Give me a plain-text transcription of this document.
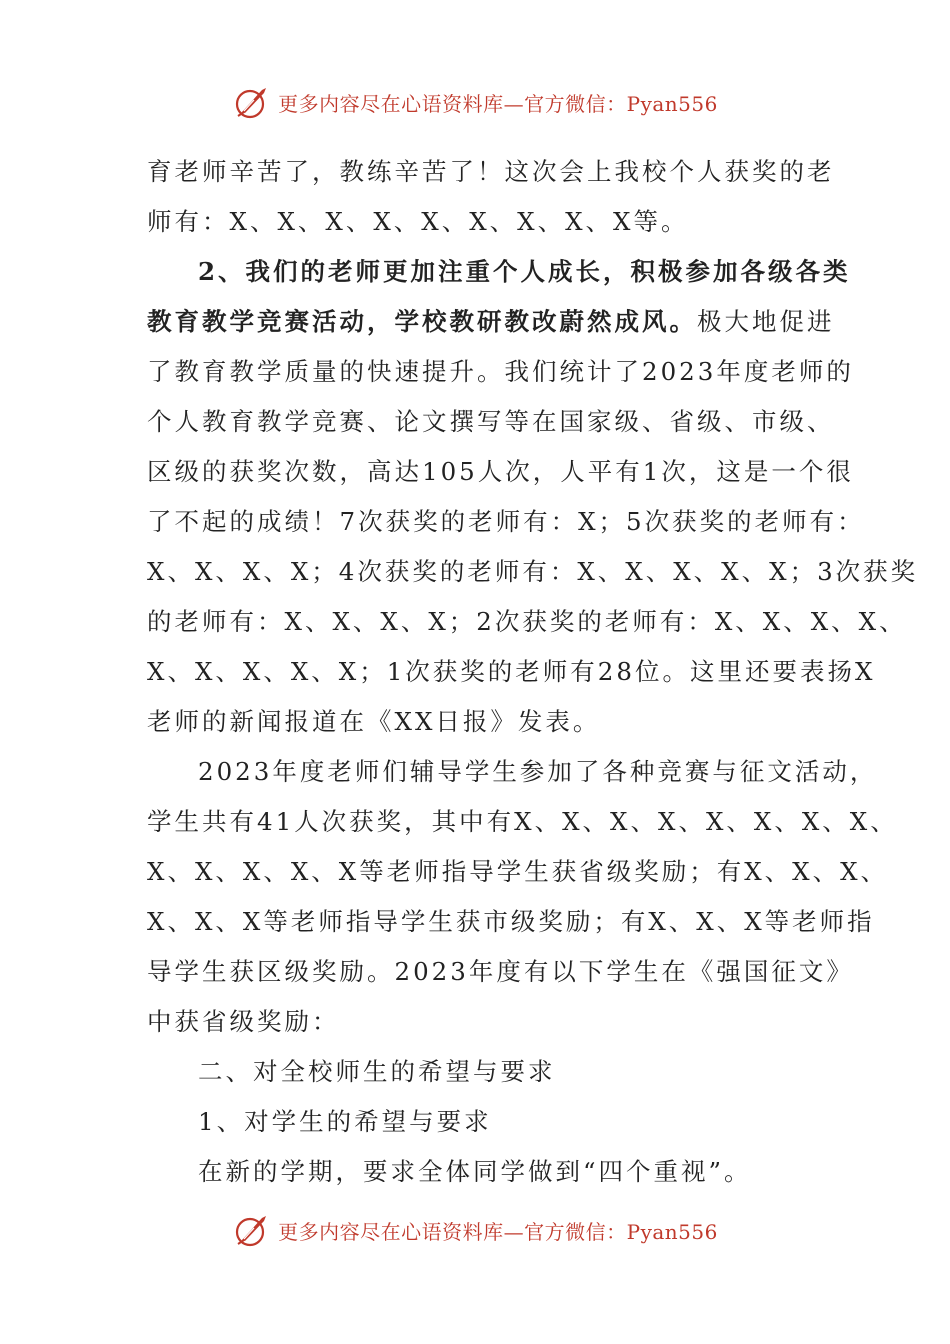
更多内容尽在心语资料库—官方微信：Pyan556
育老师辛苦了，教练辛苦了！这次会上我校个人获奖的老
师有：X、X、X、X、X、X、X、X、X等。
2、我们的老师更加注重个人成长，积极参加各级各类
教育教学竞赛活动，学校教研教改蔚然成风。极大地促进
了教育教学质量的快速提升。我们统计了2023年度老师的
个人教育教学竞赛、论文撰写等在国家级、省级、市级、
区级的获奖次数，高达105人次，人平有1次，这是一个很
了不起的成绩！7次获奖的老师有：X；5次获奖的老师有：
X、X、X、X；4次获奖的老师有：X、X、X、X、X；3次获奖
的老师有：X、X、X、X；2次获奖的老师有：X、X、X、X、
X、X、X、X、X；1次获奖的老师有28位。这里还要表扬X
老师的新闻报道在《XX日报》发表。
2023年度老师们辅导学生参加了各种竞赛与征文活动，
学生共有41人次获奖，其中有X、X、X、X、X、X、X、X、
X、X、X、X、X等老师指导学生获省级奖励；有X、X、X、
X、X、X等老师指导学生获市级奖励；有X、X、X等老师指
导学生获区级奖励。2023年度有以下学生在《强国征文》
中获省级奖励：
二、对全校师生的希望与要求
1、对学生的希望与要求
在新的学期，要求全体同学做到“四个重视”。
更多内容尽在心语资料库—官方微信：Pyan556
